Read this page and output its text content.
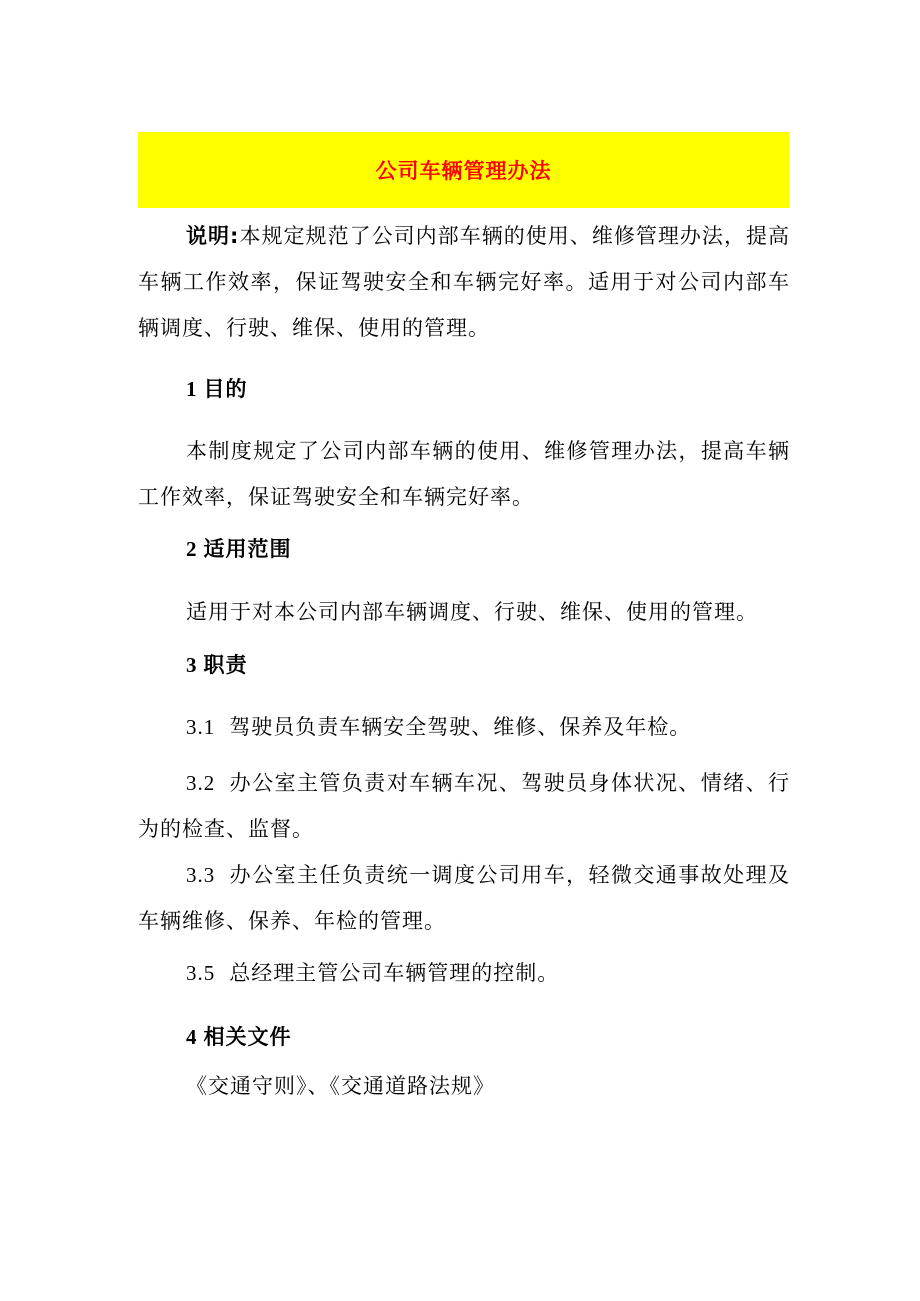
公司车辆管理办法

说明:本规定规范了公司内部车辆的使用、维修管理办法，提高车辆工作效率，保证驾驶安全和车辆完好率。适用于对公司内部车辆调度、行驶、维保、使用的管理。

1 目的

本制度规定了公司内部车辆的使用、维修管理办法，提高车辆工作效率，保证驾驶安全和车辆完好率。

2 适用范围

适用于对本公司内部车辆调度、行驶、维保、使用的管理。

3 职责

3.1 驾驶员负责车辆安全驾驶、维修、保养及年检。

3.2 办公室主管负责对车辆车况、驾驶员身体状况、情绪、行为的检查、监督。

3.3 办公室主任负责统一调度公司用车，轻微交通事故处理及车辆维修、保养、年检的管理。

3.5 总经理主管公司车辆管理的控制。

4 相关文件

《交通守则》、《交通道路法规》
